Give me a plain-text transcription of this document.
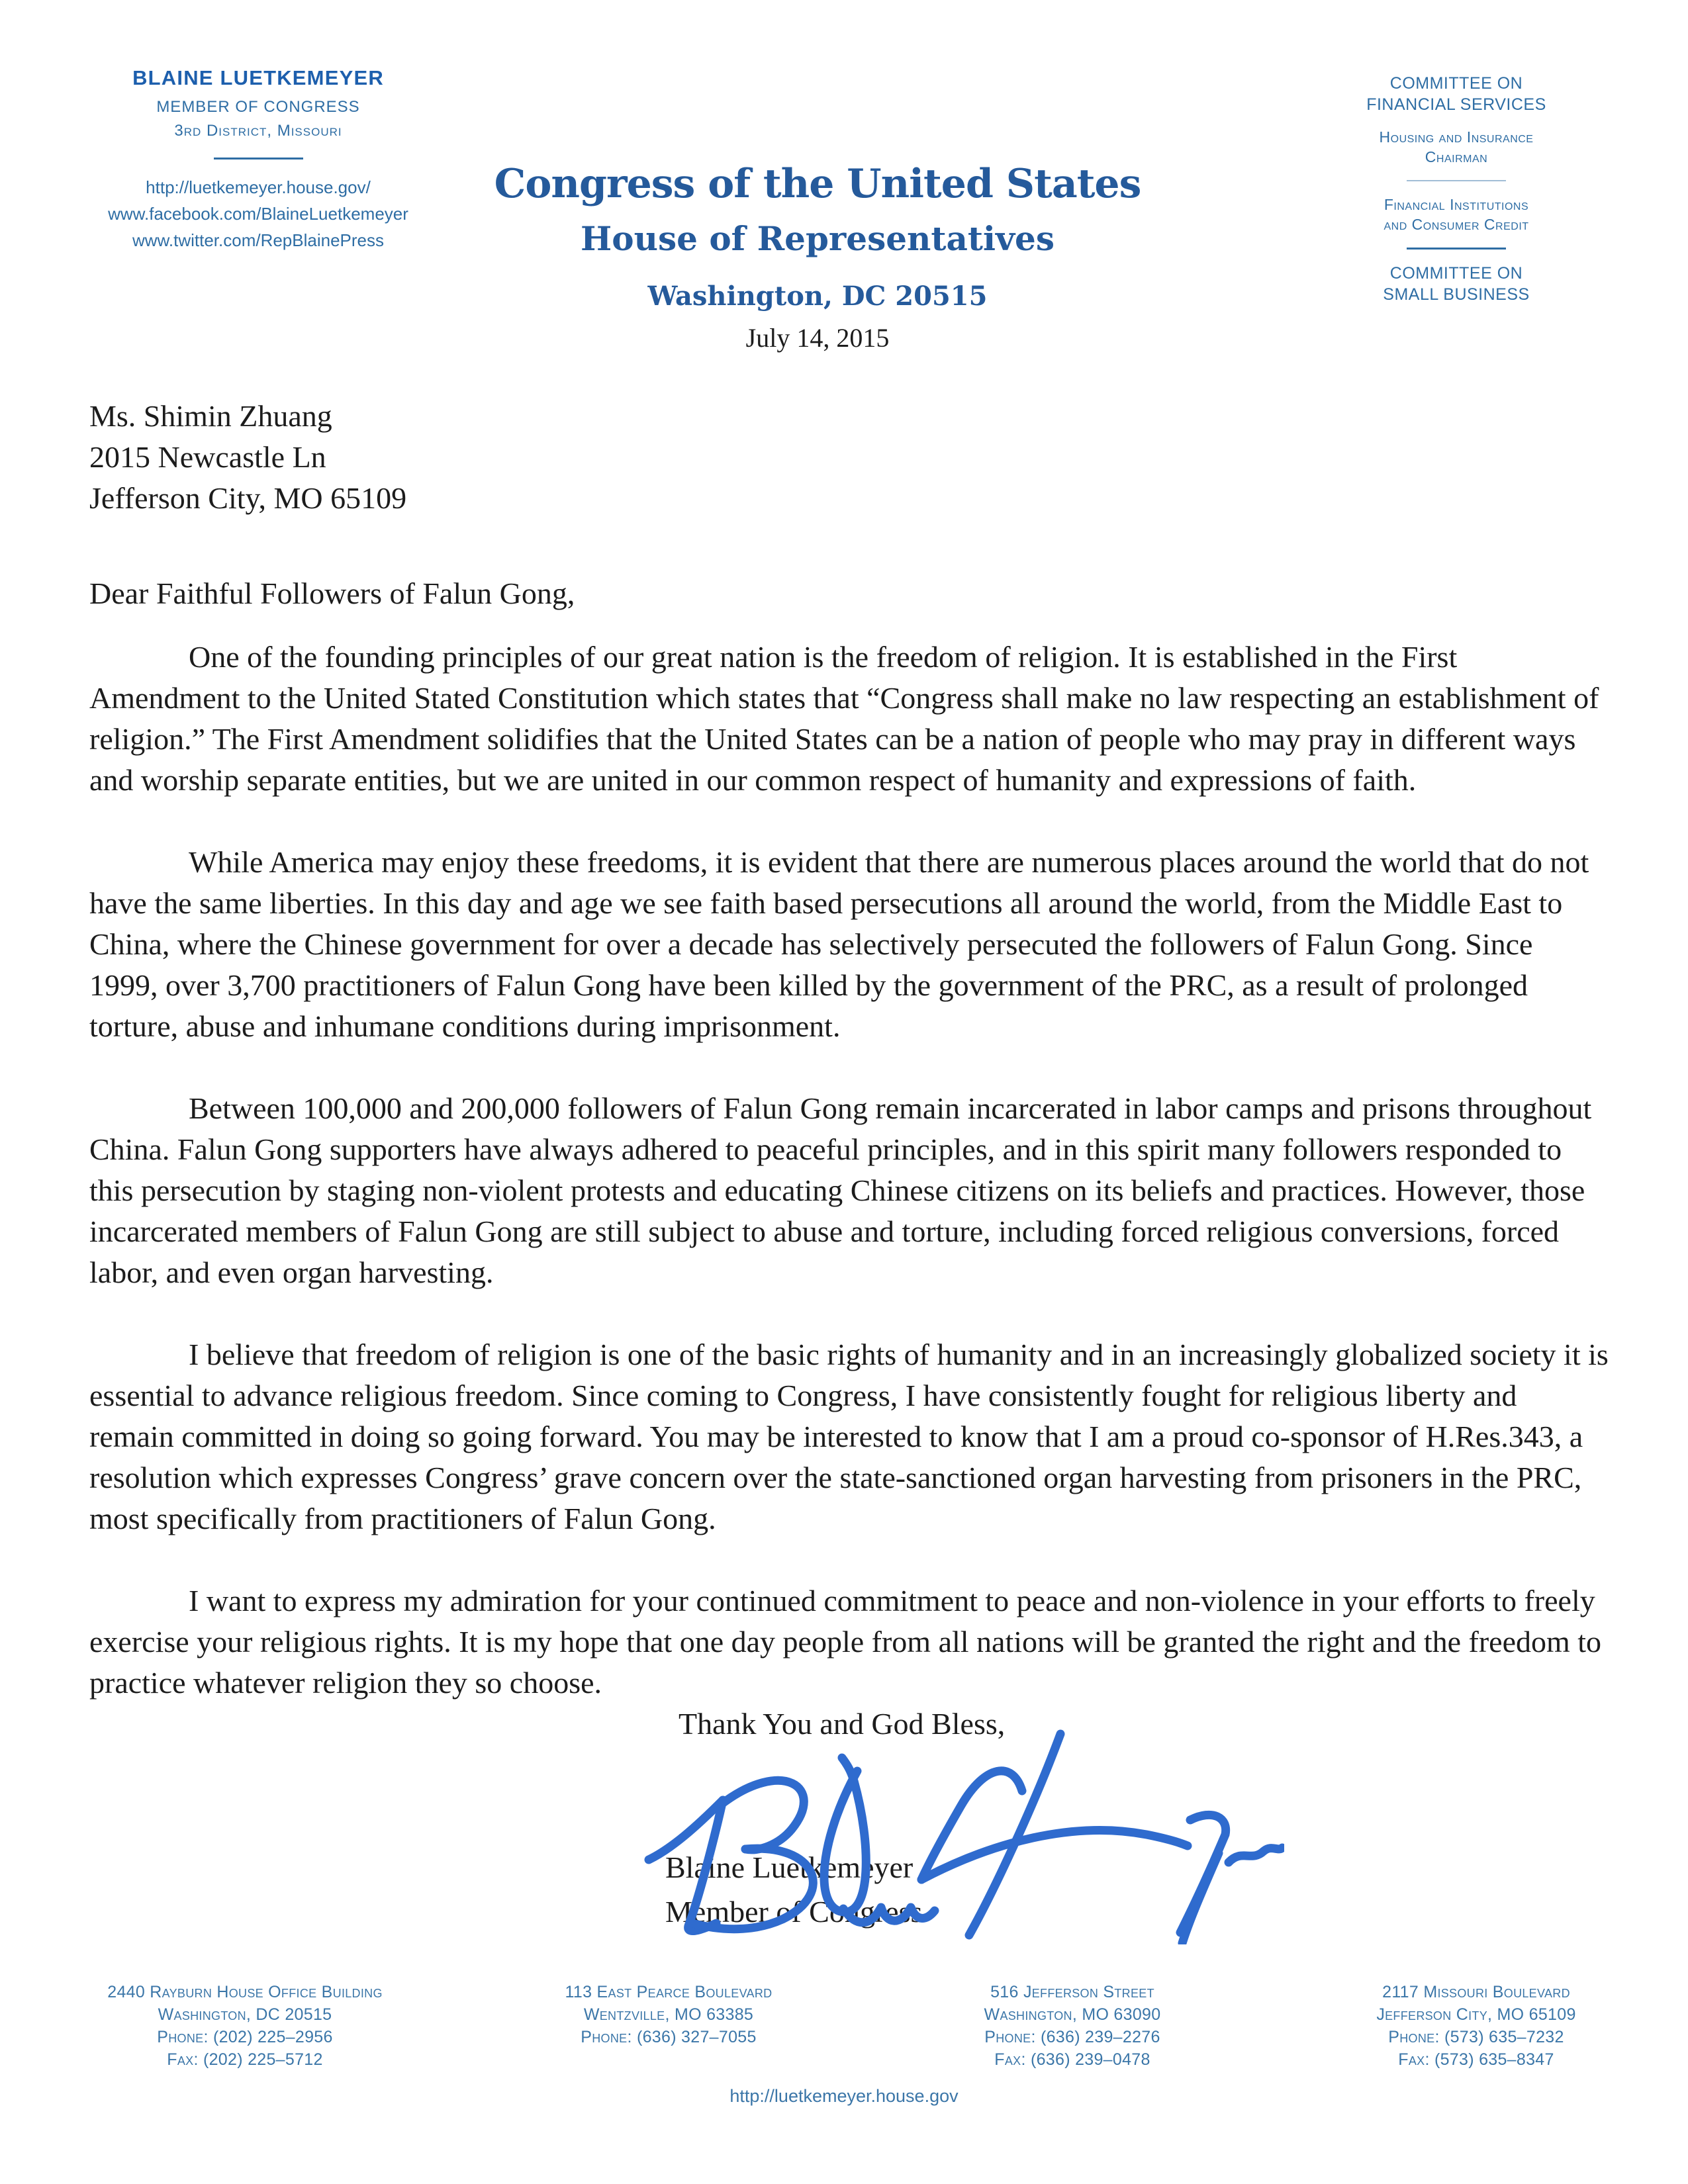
BLAINE LUETKEMEYER
MEMBER OF CONGRESS
3rd District, Missouri
http://luetkemeyer.house.gov/
www.facebook.com/BlaineLuetkemeyer
www.twitter.com/RepBlainePress
Congress of the United States
House of Representatives
Washington, DC 20515
July 14, 2015
COMMITTEE ON
FINANCIAL SERVICES
Housing and Insurance
Chairman
Financial Institutions
and Consumer Credit
COMMITTEE ON
SMALL BUSINESS
Ms. Shimin Zhuang
2015 Newcastle Ln
Jefferson City, MO 65109
Dear Faithful Followers of Falun Gong,

One of the founding principles of our great nation is the freedom of religion. It is established in the First Amendment to the United Stated Constitution which states that “Congress shall make no law respecting an establishment of religion.” The First Amendment solidifies that the United States can be a nation of people who may pray in different ways and worship separate entities, but we are united in our common respect of humanity and expressions of faith.

While America may enjoy these freedoms, it is evident that there are numerous places around the world that do not have the same liberties. In this day and age we see faith based persecutions all around the world, from the Middle East to China, where the Chinese government for over a decade has selectively persecuted the followers of Falun Gong. Since 1999, over 3,700 practitioners of Falun Gong have been killed by the government of the PRC, as a result of prolonged torture, abuse and inhumane conditions during imprisonment.

Between 100,000 and 200,000 followers of Falun Gong remain incarcerated in labor camps and prisons throughout China. Falun Gong supporters have always adhered to peaceful principles, and in this spirit many followers responded to this persecution by staging non-violent protests and educating Chinese citizens on its beliefs and practices. However, those incarcerated members of Falun Gong are still subject to abuse and torture, including forced religious conversions, forced labor, and even organ harvesting.

I believe that freedom of religion is one of the basic rights of humanity and in an increasingly globalized society it is essential to advance religious freedom. Since coming to Congress, I have consistently fought for religious liberty and remain committed in doing so going forward. You may be interested to know that I am a proud co-sponsor of H.Res.343, a resolution which expresses Congress’ grave concern over the state-sanctioned organ harvesting from prisoners in the PRC, most specifically from practitioners of Falun Gong.

I want to express my admiration for your continued commitment to peace and non-violence in your efforts to freely exercise your religious rights. It is my hope that one day people from all nations will be granted the right and the freedom to practice whatever religion they so choose.

Thank You and God Bless,
Blaine Luetkemeyer
Member of Congress
2440 Rayburn House Office Building
Washington, DC 20515
Phone: (202) 225–2956
Fax: (202) 225–5712
113 East Pearce Boulevard
Wentzville, MO 63385
Phone: (636) 327–7055
516 Jefferson Street
Washington, MO 63090
Phone: (636) 239–2276
Fax: (636) 239–0478
2117 Missouri Boulevard
Jefferson City, MO 65109
Phone: (573) 635–7232
Fax: (573) 635–8347
http://luetkemeyer.house.gov
